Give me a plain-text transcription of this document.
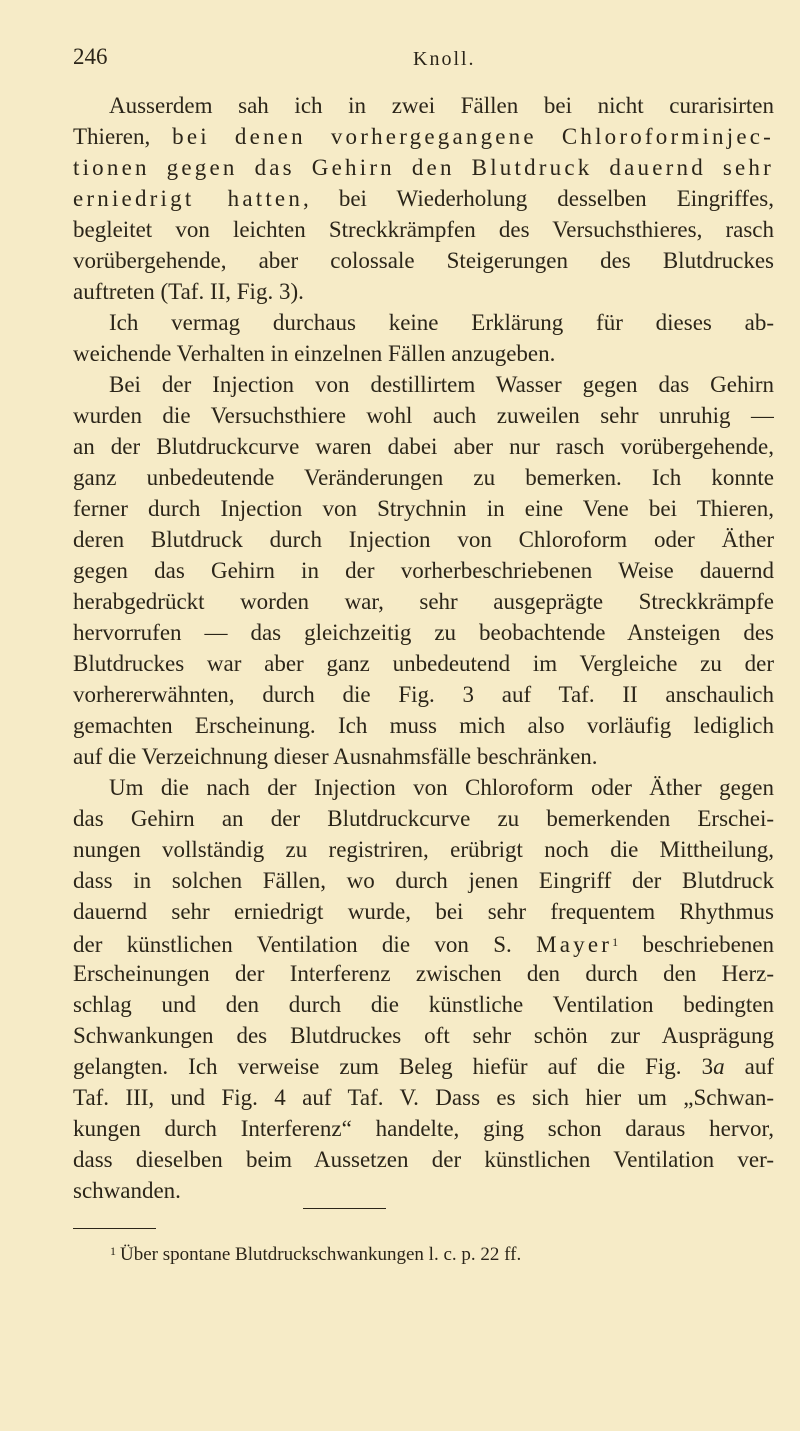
246	Knoll.
Ausserdem sah ich in zwei Fällen bei nicht curarisirten
Thieren, bei denen vorhergegangene Chloroforminjec-
tionen gegen das Gehirn den Blutdruck dauernd sehr
erniedrigt hatten, bei Wiederholung desselben Eingriffes,
begleitet von leichten Streckkrämpfen des Versuchsthieres, rasch
vorübergehende, aber colossale Steigerungen des Blutdruckes
auftreten (Taf. II, Fig. 3).
Ich vermag durchaus keine Erklärung für dieses ab-
weichende Verhalten in einzelnen Fällen anzugeben.
Bei der Injection von destillirtem Wasser gegen das Gehirn
wurden die Versuchsthiere wohl auch zuweilen sehr unruhig —
an der Blutdruckcurve waren dabei aber nur rasch vorübergehende,
ganz unbedeutende Veränderungen zu bemerken. Ich konnte
ferner durch Injection von Strychnin in eine Vene bei Thieren,
deren Blutdruck durch Injection von Chloroform oder Äther
gegen das Gehirn in der vorherbeschriebenen Weise dauernd
herabgedrückt worden war, sehr ausgeprägte Streckkrämpfe
hervorrufen — das gleichzeitig zu beobachtende Ansteigen des
Blutdruckes war aber ganz unbedeutend im Vergleiche zu der
vorhererwähnten, durch die Fig. 3 auf Taf. II anschaulich
gemachten Erscheinung. Ich muss mich also vorläufig lediglich
auf die Verzeichnung dieser Ausnahmsfälle beschränken.
Um die nach der Injection von Chloroform oder Äther gegen
das Gehirn an der Blutdruckcurve zu bemerkenden Erschei-
nungen vollständig zu registriren, erübrigt noch die Mittheilung,
dass in solchen Fällen, wo durch jenen Eingriff der Blutdruck
dauernd sehr erniedrigt wurde, bei sehr frequentem Rhythmus
der künstlichen Ventilation die von S. Mayer$^1$ beschriebenen
Erscheinungen der Interferenz zwischen den durch den Herz-
schlag und den durch die künstliche Ventilation bedingten
Schwankungen des Blutdruckes oft sehr schön zur Ausprägung
gelangten. Ich verweise zum Beleg hiefür auf die Fig. 3a auf
Taf. III, und Fig. 4 auf Taf. V. Dass es sich hier um „Schwan-
kungen durch Interferenz“ handelte, ging schon daraus hervor,
dass dieselben beim Aussetzen der künstlichen Ventilation ver-
schwanden.
$^1$ Über spontane Blutdruckschwankungen l. c. p. 22 ff.
